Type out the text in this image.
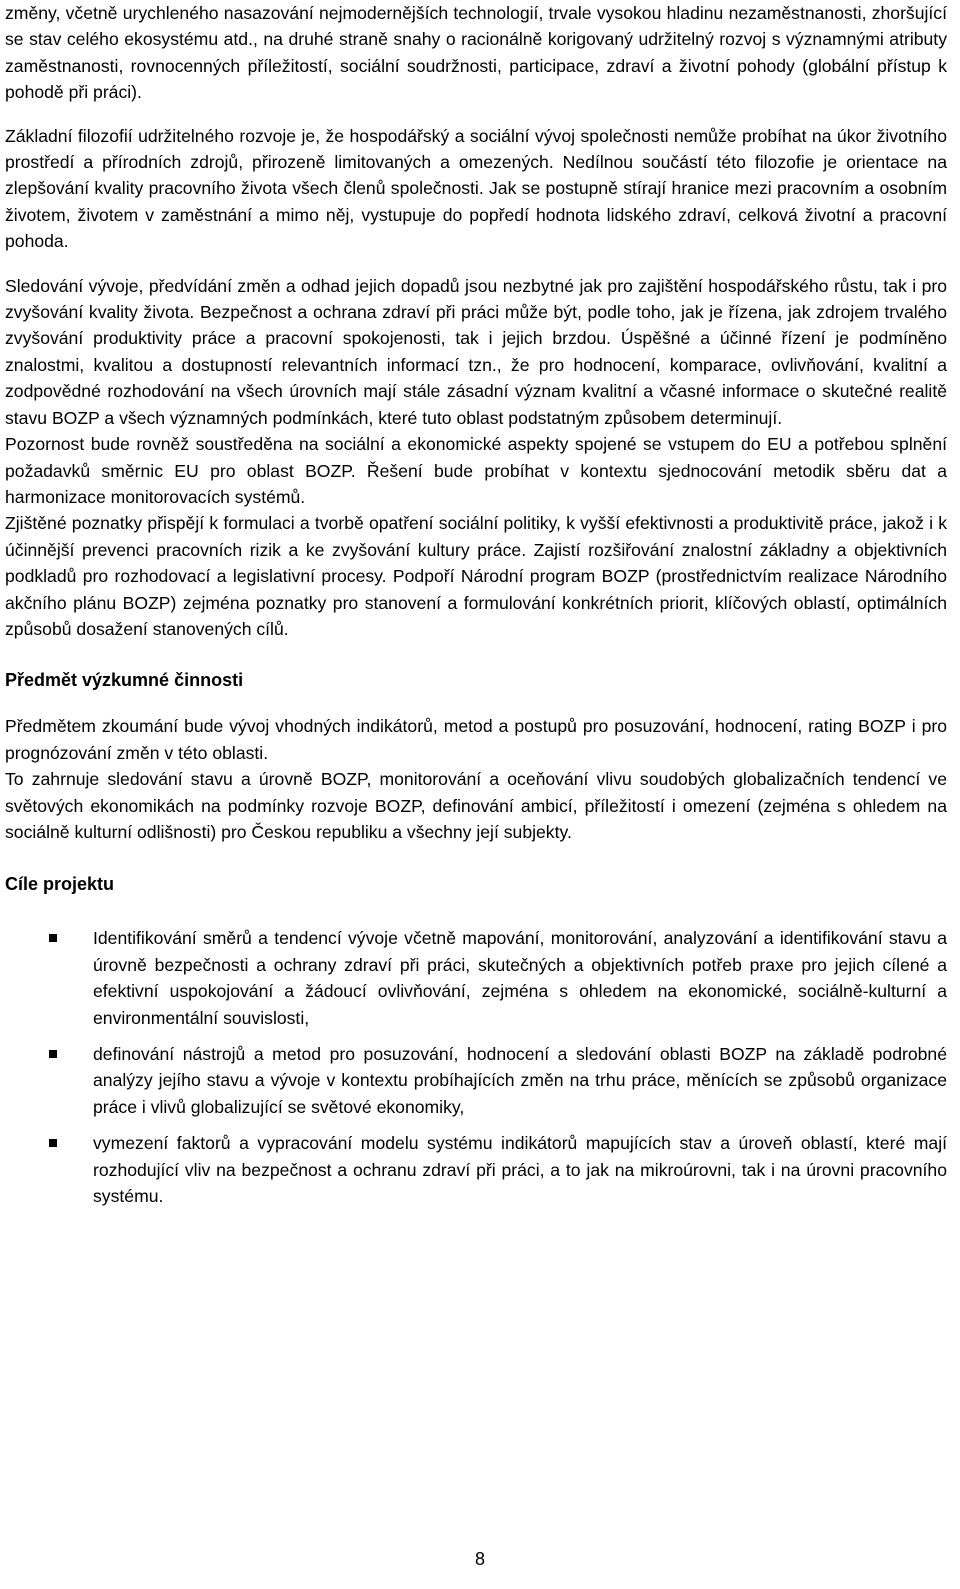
změny, včetně urychleného nasazování nejmodernějších technologií, trvale vysokou hladinu nezaměstnanosti, zhoršující se stav celého ekosystému atd., na druhé straně snahy o racionálně korigovaný udržitelný rozvoj s významnými atributy zaměstnanosti, rovnocenných příležitostí, sociální soudržnosti, participace, zdraví a životní pohody (globální přístup k pohodě při práci).

Základní filozofií udržitelného rozvoje je, že hospodářský a sociální vývoj společnosti nemůže probíhat na úkor životního prostředí a přírodních zdrojů, přirozeně limitovaných a omezených. Nedílnou součástí této filozofie je orientace na zlepšování kvality pracovního života všech členů společnosti. Jak se postupně stírají hranice mezi pracovním a osobním životem, životem v zaměstnání a mimo něj, vystupuje do popředí hodnota lidského zdraví, celková životní a pracovní pohoda.

Sledování vývoje, předvídání změn a odhad jejich dopadů jsou nezbytné jak pro zajištění hospodářského růstu, tak i pro zvyšování kvality života. Bezpečnost a ochrana zdraví při práci může být, podle toho, jak je řízena, jak zdrojem trvalého zvyšování produktivity práce a pracovní spokojenosti, tak i jejich brzdou. Úspěšné a účinné řízení je podmíněno znalostmi, kvalitou a dostupností relevantních informací tzn., že pro hodnocení, komparace, ovlivňování, kvalitní a zodpovědné rozhodování na všech úrovních mají stále zásadní význam kvalitní a včasné informace o skutečné realitě stavu BOZP a všech významných podmínkách, které tuto oblast podstatným způsobem determinují.

Pozornost bude rovněž soustředěna na sociální a ekonomické aspekty spojené se vstupem do EU a potřebou splnění požadavků směrnic EU pro oblast BOZP. Řešení bude probíhat v kontextu sjednocování metodik sběru dat a harmonizace monitorovacích systémů.

Zjištěné poznatky přispějí k formulaci a tvorbě opatření sociální politiky, k vyšší efektivnosti a produktivitě práce, jakož i k účinnější prevenci pracovních rizik a ke zvyšování kultury práce. Zajistí rozšiřování znalostní základny a objektivních podkladů pro rozhodovací a legislativní procesy. Podpoří Národní program BOZP (prostřednictvím realizace Národního akčního plánu BOZP) zejména poznatky pro stanovení a formulování konkrétních priorit, klíčových oblastí, optimálních způsobů dosažení stanovených cílů.

Předmět výzkumné činnosti

Předmětem zkoumání bude vývoj vhodných indikátorů, metod a postupů pro posuzování, hodnocení, rating BOZP i pro prognózování změn v této oblasti.

To zahrnuje sledování stavu a úrovně BOZP, monitorování a oceňování vlivu soudobých globalizačních tendencí ve světových ekonomikách na podmínky rozvoje BOZP, definování ambicí, příležitostí i omezení (zejména s ohledem na sociálně kulturní odlišnosti) pro Českou republiku a všechny její subjekty.

Cíle projektu

Identifikování směrů a tendencí vývoje včetně mapování, monitorování, analyzování a identifikování stavu a úrovně bezpečnosti a ochrany zdraví při práci, skutečných a objektivních potřeb praxe pro jejich cílené a efektivní uspokojování a žádoucí ovlivňování, zejména s ohledem na ekonomické, sociálně-kulturní a environmentální souvislosti,

definování nástrojů a metod pro posuzování, hodnocení a sledování oblasti BOZP na základě podrobné analýzy jejího stavu a vývoje v kontextu probíhajících změn na trhu práce, měnících se způsobů organizace práce i vlivů globalizující se světové ekonomiky,

vymezení faktorů a vypracování modelu systému indikátorů mapujících stav a úroveň oblastí, které mají rozhodující vliv na bezpečnost a ochranu zdraví při práci, a to jak na mikroúrovni, tak i na úrovni pracovního systému.

8
